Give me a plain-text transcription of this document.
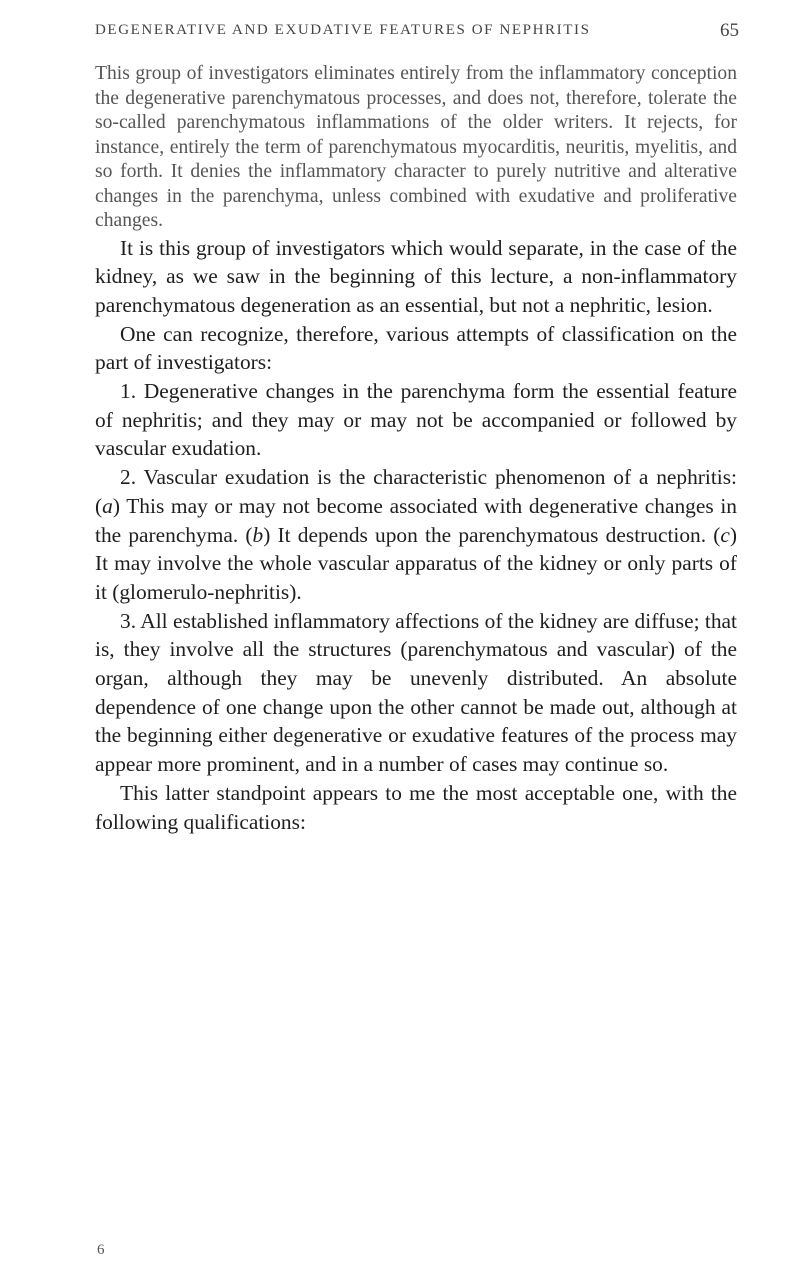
DEGENERATIVE AND EXUDATIVE FEATURES OF NEPHRITIS	65

This group of investigators eliminates entirely from the inflammatory conception the degenerative parenchymatous processes, and does not, therefore, tolerate the so-called parenchymatous inflammations of the older writers. It rejects, for instance, entirely the term of parenchymatous myocarditis, neuritis, myelitis, and so forth. It denies the inflammatory character to purely nutritive and alterative changes in the parenchyma, unless combined with exudative and proliferative changes.

It is this group of investigators which would separate, in the case of the kidney, as we saw in the beginning of this lecture, a non-inflammatory parenchymatous degeneration as an essential, but not a nephritic, lesion.

One can recognize, therefore, various attempts of classification on the part of investigators:

1. Degenerative changes in the parenchyma form the essential feature of nephritis; and they may or may not be accompanied or followed by vascular exudation.

2. Vascular exudation is the characteristic phenomenon of a nephritis: (a) This may or may not become associated with degenerative changes in the parenchyma. (b) It depends upon the parenchymatous destruction. (c) It may involve the whole vascular apparatus of the kidney or only parts of it (glomerulo-nephritis).

3. All established inflammatory affections of the kidney are diffuse; that is, they involve all the structures (parenchymatous and vascular) of the organ, although they may be unevenly distributed. An absolute dependence of one change upon the other cannot be made out, although at the beginning either degenerative or exudative features of the process may appear more prominent, and in a number of cases may continue so.

This latter standpoint appears to me the most acceptable one, with the following qualifications:

6
